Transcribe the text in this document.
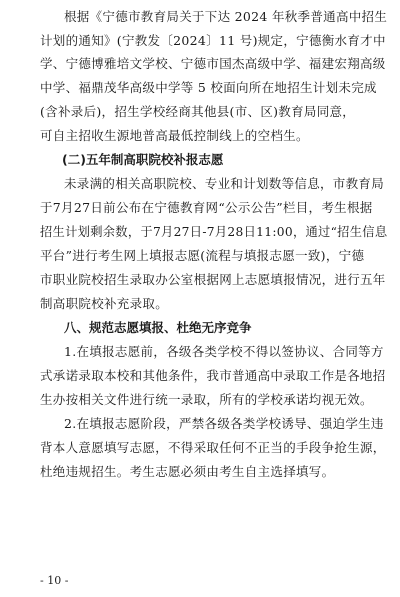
根据《宁德市教育局关于下达 2024 年秋季普通高中招生
计划的通知》(宁教发〔2024〕11 号)规定，宁德衡水育才中
学、宁德博雅培文学校、宁德市国杰高级中学、福建宏翔高级
中学、福鼎茂华高级中学等 5 校面向所在地招生计划未完成
(含补录后)，招生学校经商其他县(市、区)教育局同意，
可自主招收生源地普高最低控制线上的空档生。
(二)五年制高职院校补报志愿
未录满的相关高职院校、专业和计划数等信息，市教育局
于7月27日前公布在宁德教育网“公示公告”栏目，考生根据
招生计划剩余数，于7月27日-7月28日11:00，通过“招生信息
平台”进行考生网上填报志愿(流程与填报志愿一致)，宁德
市职业院校招生录取办公室根据网上志愿填报情况，进行五年
制高职院校补充录取。
八、规范志愿填报、杜绝无序竞争
1.在填报志愿前，各级各类学校不得以签协议、合同等方
式承诺录取本校和其他条件，我市普通高中录取工作是各地招
生办按相关文件进行统一录取，所有的学校承诺均视无效。
2.在填报志愿阶段，严禁各级各类学校诱导、强迫学生违
背本人意愿填写志愿，不得采取任何不正当的手段争抢生源，
杜绝违规招生。考生志愿必须由考生自主选择填写。
- 10 -
